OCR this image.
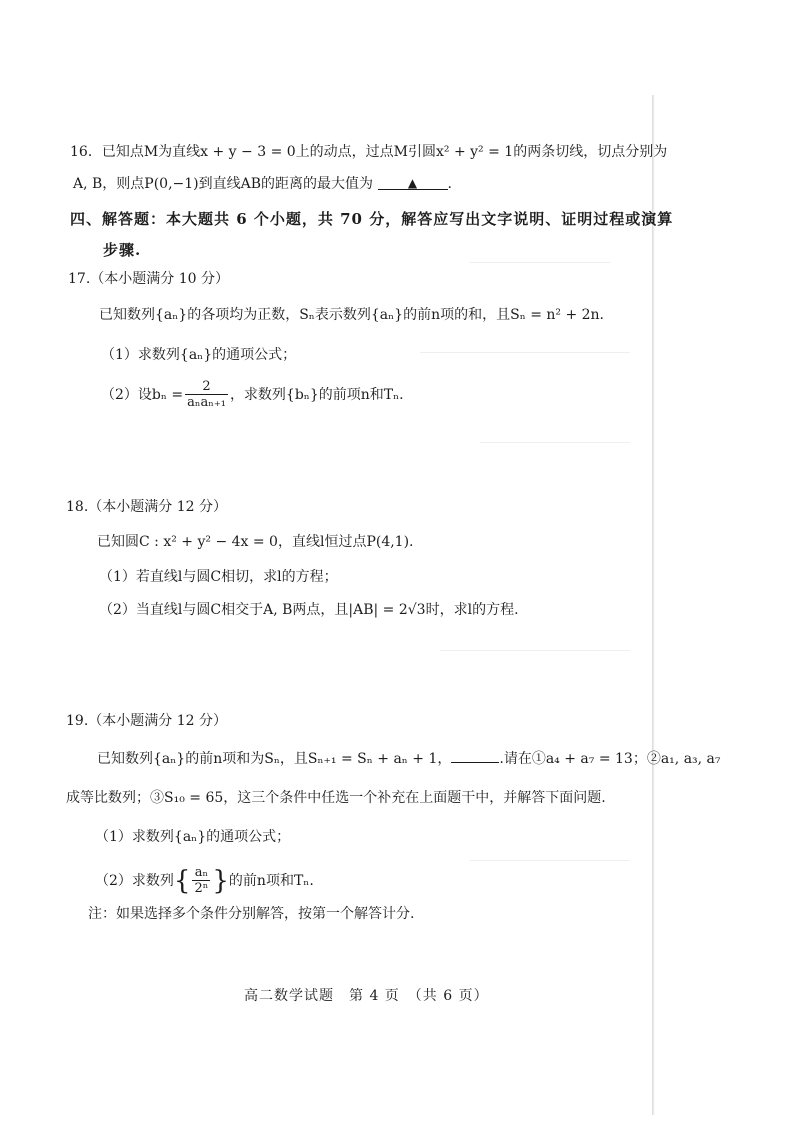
16．已知点M为直线x + y − 3 = 0上的动点，过点M引圆x² + y² = 1的两条切线，切点分别为
A, B，则点P(0,−1)到直线AB的距离的最大值为	▲ .
四、解答题：本大题共 6 个小题，共 70 分，解答应写出文字说明、证明过程或演算
步骤.
17.（本小题满分 10 分）
已知数列{aₙ}的各项均为正数，Sₙ表示数列{aₙ}的前n项的和，且Sₙ = n² + 2n.
（1）求数列{aₙ}的通项公式；
（2）设$b_n = \frac{2}{\text{aₙaₙ₊₁}}$ ，求数列{bₙ}的前项n和Tₙ.
18.（本小题满分 12 分）
已知圆C : x² + y² − 4x = 0，直线l恒过点P(4,1).
（1）若直线l与圆C相切，求l的方程；
（2）当直线l与圆C相交于A, B两点，且|AB| = 2√3时，求l的方程.
19.（本小题满分 12 分）
已知数列{aₙ}的前n项和为Sₙ，且Sₙ₊₁ = Sₙ + aₙ + 1，	.请在①a₄ + a₇ = 13；②a₁, a₃, a₇
成等比数列；③S₁₀ = 65，这三个条件中任选一个补充在上面题干中，并解答下面问题.
（1）求数列{aₙ}的通项公式；
（2）求数列{ $\frac{\text{aₙ}}{\text{2ⁿ}}$ }的前n项和Tₙ.
注：如果选择多个条件分别解答，按第一个解答计分.
高二数学试题　第 4 页　（共 6 页）
